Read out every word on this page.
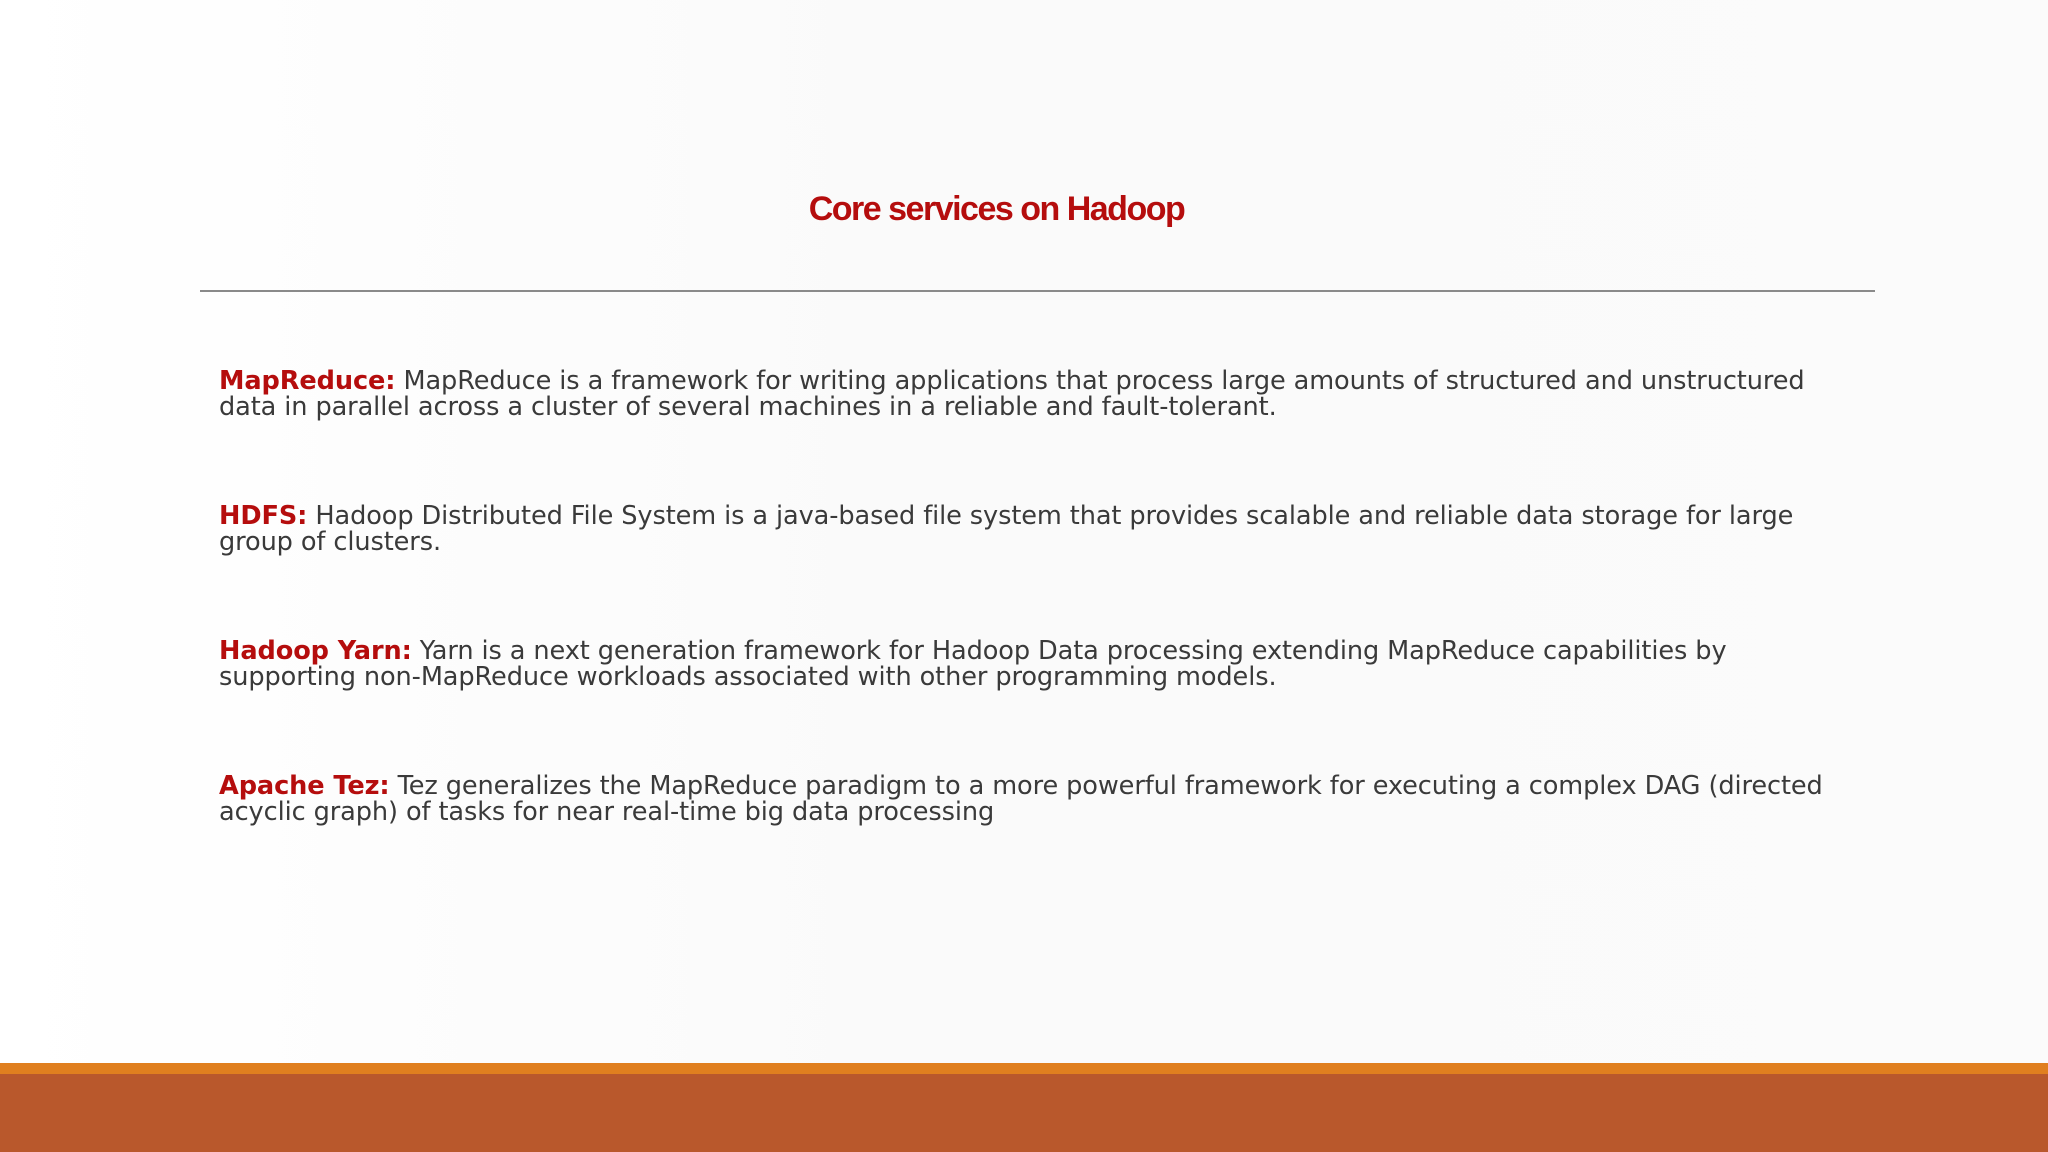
Core services on Hadoop
MapReduce: MapReduce is a framework for writing applications that process large amounts of structured and unstructured data in parallel across a cluster of several machines in a reliable and fault-tolerant.
HDFS: Hadoop Distributed File System is a java-based file system that provides scalable and reliable data storage for large group of clusters.
Hadoop Yarn: Yarn is a next generation framework for Hadoop Data processing extending MapReduce capabilities by supporting non-MapReduce workloads associated with other programming models.
Apache Tez: Tez generalizes the MapReduce paradigm to a more powerful framework for executing a complex DAG (directed acyclic graph) of tasks for near real-time big data processing
